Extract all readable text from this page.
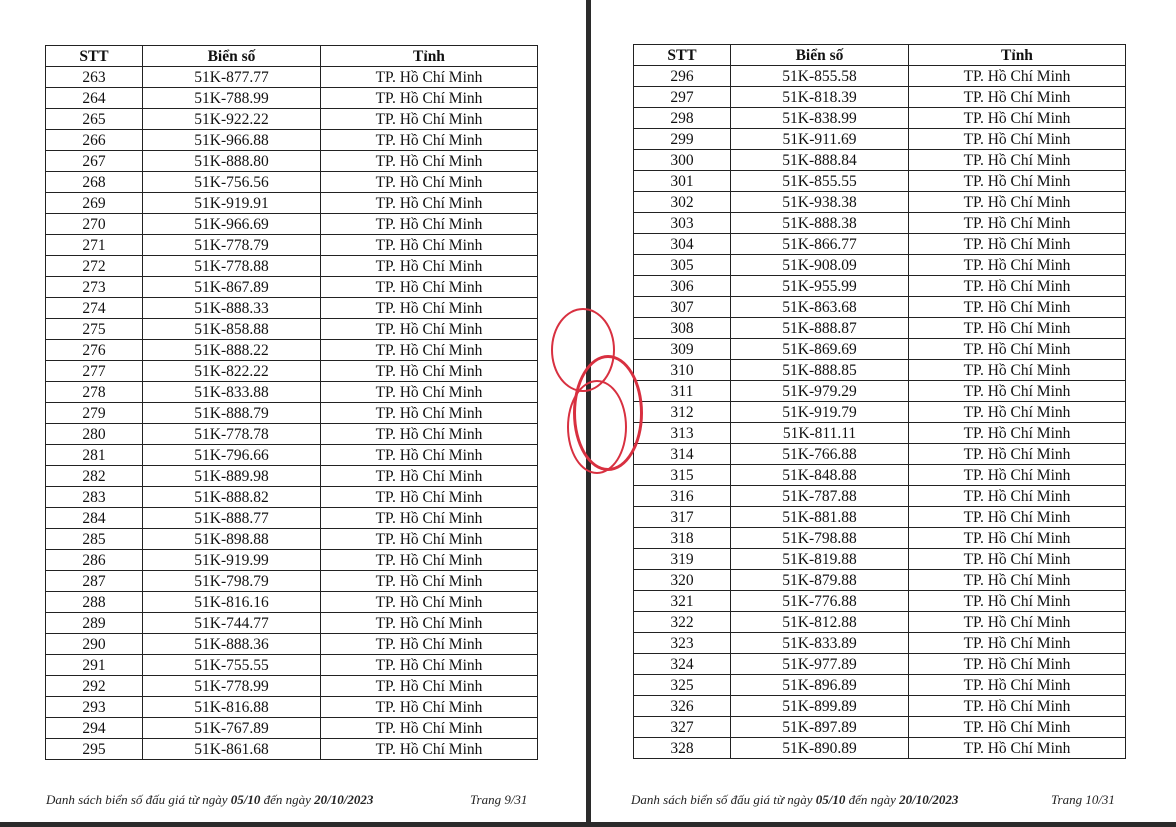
STT	Biển số	Tỉnh
263	51K-877.77	TP. Hồ Chí Minh
264	51K-788.99	TP. Hồ Chí Minh
265	51K-922.22	TP. Hồ Chí Minh
266	51K-966.88	TP. Hồ Chí Minh
267	51K-888.80	TP. Hồ Chí Minh
268	51K-756.56	TP. Hồ Chí Minh
269	51K-919.91	TP. Hồ Chí Minh
270	51K-966.69	TP. Hồ Chí Minh
271	51K-778.79	TP. Hồ Chí Minh
272	51K-778.88	TP. Hồ Chí Minh
273	51K-867.89	TP. Hồ Chí Minh
274	51K-888.33	TP. Hồ Chí Minh
275	51K-858.88	TP. Hồ Chí Minh
276	51K-888.22	TP. Hồ Chí Minh
277	51K-822.22	TP. Hồ Chí Minh
278	51K-833.88	TP. Hồ Chí Minh
279	51K-888.79	TP. Hồ Chí Minh
280	51K-778.78	TP. Hồ Chí Minh
281	51K-796.66	TP. Hồ Chí Minh
282	51K-889.98	TP. Hồ Chí Minh
283	51K-888.82	TP. Hồ Chí Minh
284	51K-888.77	TP. Hồ Chí Minh
285	51K-898.88	TP. Hồ Chí Minh
286	51K-919.99	TP. Hồ Chí Minh
287	51K-798.79	TP. Hồ Chí Minh
288	51K-816.16	TP. Hồ Chí Minh
289	51K-744.77	TP. Hồ Chí Minh
290	51K-888.36	TP. Hồ Chí Minh
291	51K-755.55	TP. Hồ Chí Minh
292	51K-778.99	TP. Hồ Chí Minh
293	51K-816.88	TP. Hồ Chí Minh
294	51K-767.89	TP. Hồ Chí Minh
295	51K-861.68	TP. Hồ Chí Minh
Danh sách biển số đấu giá từ ngày 05/10 đến ngày 20/10/2023	Trang 9/31
STT	Biển số	Tỉnh
296	51K-855.58	TP. Hồ Chí Minh
297	51K-818.39	TP. Hồ Chí Minh
298	51K-838.99	TP. Hồ Chí Minh
299	51K-911.69	TP. Hồ Chí Minh
300	51K-888.84	TP. Hồ Chí Minh
301	51K-855.55	TP. Hồ Chí Minh
302	51K-938.38	TP. Hồ Chí Minh
303	51K-888.38	TP. Hồ Chí Minh
304	51K-866.77	TP. Hồ Chí Minh
305	51K-908.09	TP. Hồ Chí Minh
306	51K-955.99	TP. Hồ Chí Minh
307	51K-863.68	TP. Hồ Chí Minh
308	51K-888.87	TP. Hồ Chí Minh
309	51K-869.69	TP. Hồ Chí Minh
310	51K-888.85	TP. Hồ Chí Minh
311	51K-979.29	TP. Hồ Chí Minh
312	51K-919.79	TP. Hồ Chí Minh
313	51K-811.11	TP. Hồ Chí Minh
314	51K-766.88	TP. Hồ Chí Minh
315	51K-848.88	TP. Hồ Chí Minh
316	51K-787.88	TP. Hồ Chí Minh
317	51K-881.88	TP. Hồ Chí Minh
318	51K-798.88	TP. Hồ Chí Minh
319	51K-819.88	TP. Hồ Chí Minh
320	51K-879.88	TP. Hồ Chí Minh
321	51K-776.88	TP. Hồ Chí Minh
322	51K-812.88	TP. Hồ Chí Minh
323	51K-833.89	TP. Hồ Chí Minh
324	51K-977.89	TP. Hồ Chí Minh
325	51K-896.89	TP. Hồ Chí Minh
326	51K-899.89	TP. Hồ Chí Minh
327	51K-897.89	TP. Hồ Chí Minh
328	51K-890.89	TP. Hồ Chí Minh
Danh sách biển số đấu giá từ ngày 05/10 đến ngày 20/10/2023	Trang 10/31
